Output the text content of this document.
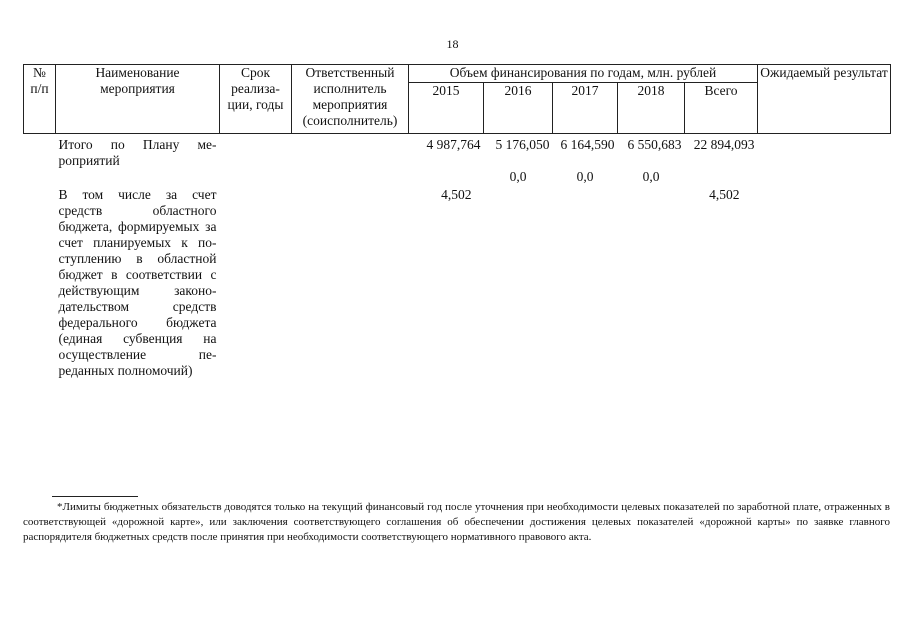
18
№ п/п	Наименование мероприятия	Срок реализа-ции, годы	Ответственный исполнитель мероприятия (соисполнитель)	Объем финансирования по годам, млн. рублей					Ожидаемый результат
				2015	2016	2017	2018	Всего	
	Итого по Плану мероприятий			4 987,764	5 176,050	6 164,590	6 550,683	22 894,093	
	В том числе за счет средств областного бюджета, формируемых за счет планируемых к поступлению в областной бюджет в соответствии с действующим законодательством средств федерального бюджета (единая субвенция на осуществление переданных полномочий)			4,502	0,0	0,0	0,0	4,502	
*Лимиты бюджетных обязательств доводятся только на текущий финансовый год после уточнения при необходимости целевых показателей по заработной плате, отраженных в соответствующей «дорожной карте», или заключения соответствующего соглашения об обеспечении достижения целевых показателей «дорожной карты» по заявке главного распорядителя бюджетных средств после принятия при необходимости соответствующего нормативного правового акта.
